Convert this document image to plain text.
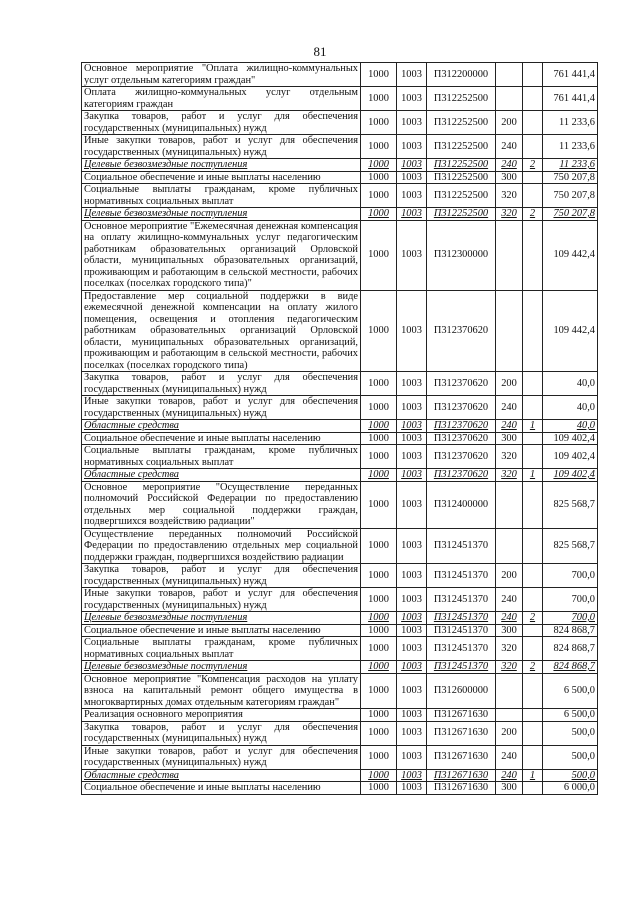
81
Основное мероприятие "Оплата жилищно-коммунальных услуг отдельным категориям граждан"	1000	1003	П312200000			761 441,4
Оплата жилищно-коммунальных услуг отдельным категориям граждан	1000	1003	П312252500			761 441,4
Закупка товаров, работ и услуг для обеспечения государственных (муниципальных) нужд	1000	1003	П312252500	200		11 233,6
Иные закупки товаров, работ и услуг для обеспечения государственных (муниципальных) нужд	1000	1003	П312252500	240		11 233,6
Целевые безвозмездные поступления	1000	1003	П312252500	240	2	11 233,6
Социальное обеспечение и иные выплаты населению	1000	1003	П312252500	300		750 207,8
Социальные выплаты гражданам, кроме публичных нормативных социальных выплат	1000	1003	П312252500	320		750 207,8
Целевые безвозмездные поступления	1000	1003	П312252500	320	2	750 207,8
Основное мероприятие "Ежемесячная денежная компенсация на оплату жилищно-коммунальных услуг педагогическим работникам образовательных организаций Орловской области, муниципальных образовательных организаций, проживающим и работающим в сельской местности, рабочих поселках (поселках городского типа)"	1000	1003	П312300000			109 442,4
Предоставление мер социальной поддержки в виде ежемесячной денежной компенсации на оплату жилого помещения, освещения и отопления педагогическим работникам образовательных организаций Орловской области, муниципальных образовательных организаций, проживающим и работающим в сельской местности, рабочих поселках (поселках городского типа)	1000	1003	П312370620			109 442,4
Закупка товаров, работ и услуг для обеспечения государственных (муниципальных) нужд	1000	1003	П312370620	200		40,0
Иные закупки товаров, работ и услуг для обеспечения государственных (муниципальных) нужд	1000	1003	П312370620	240		40,0
Областные средства	1000	1003	П312370620	240	1	40,0
Социальное обеспечение и иные выплаты населению	1000	1003	П312370620	300		109 402,4
Социальные выплаты гражданам, кроме публичных нормативных социальных выплат	1000	1003	П312370620	320		109 402,4
Областные средства	1000	1003	П312370620	320	1	109 402,4
Основное мероприятие "Осуществление переданных полномочий Российской Федерации по предоставлению отдельных мер социальной поддержки граждан, подвергшихся воздействию радиации"	1000	1003	П312400000			825 568,7
Осуществление переданных полномочий Российской Федерации по предоставлению отдельных мер социальной поддержки граждан, подвергшихся воздействию радиации	1000	1003	П312451370			825 568,7
Закупка товаров, работ и услуг для обеспечения государственных (муниципальных) нужд	1000	1003	П312451370	200		700,0
Иные закупки товаров, работ и услуг для обеспечения государственных (муниципальных) нужд	1000	1003	П312451370	240		700,0
Целевые безвозмездные поступления	1000	1003	П312451370	240	2	700,0
Социальное обеспечение и иные выплаты населению	1000	1003	П312451370	300		824 868,7
Социальные выплаты гражданам, кроме публичных нормативных социальных выплат	1000	1003	П312451370	320		824 868,7
Целевые безвозмездные поступления	1000	1003	П312451370	320	2	824 868,7
Основное мероприятие "Компенсация расходов на уплату взноса на капитальный ремонт общего имущества в многоквартирных домах отдельным категориям граждан"	1000	1003	П312600000			6 500,0
Реализация основного мероприятия	1000	1003	П312671630			6 500,0
Закупка товаров, работ и услуг для обеспечения государственных (муниципальных) нужд	1000	1003	П312671630	200		500,0
Иные закупки товаров, работ и услуг для обеспечения государственных (муниципальных) нужд	1000	1003	П312671630	240		500,0
Областные средства	1000	1003	П312671630	240	1	500,0
Социальное обеспечение и иные выплаты населению	1000	1003	П312671630	300		6 000,0
